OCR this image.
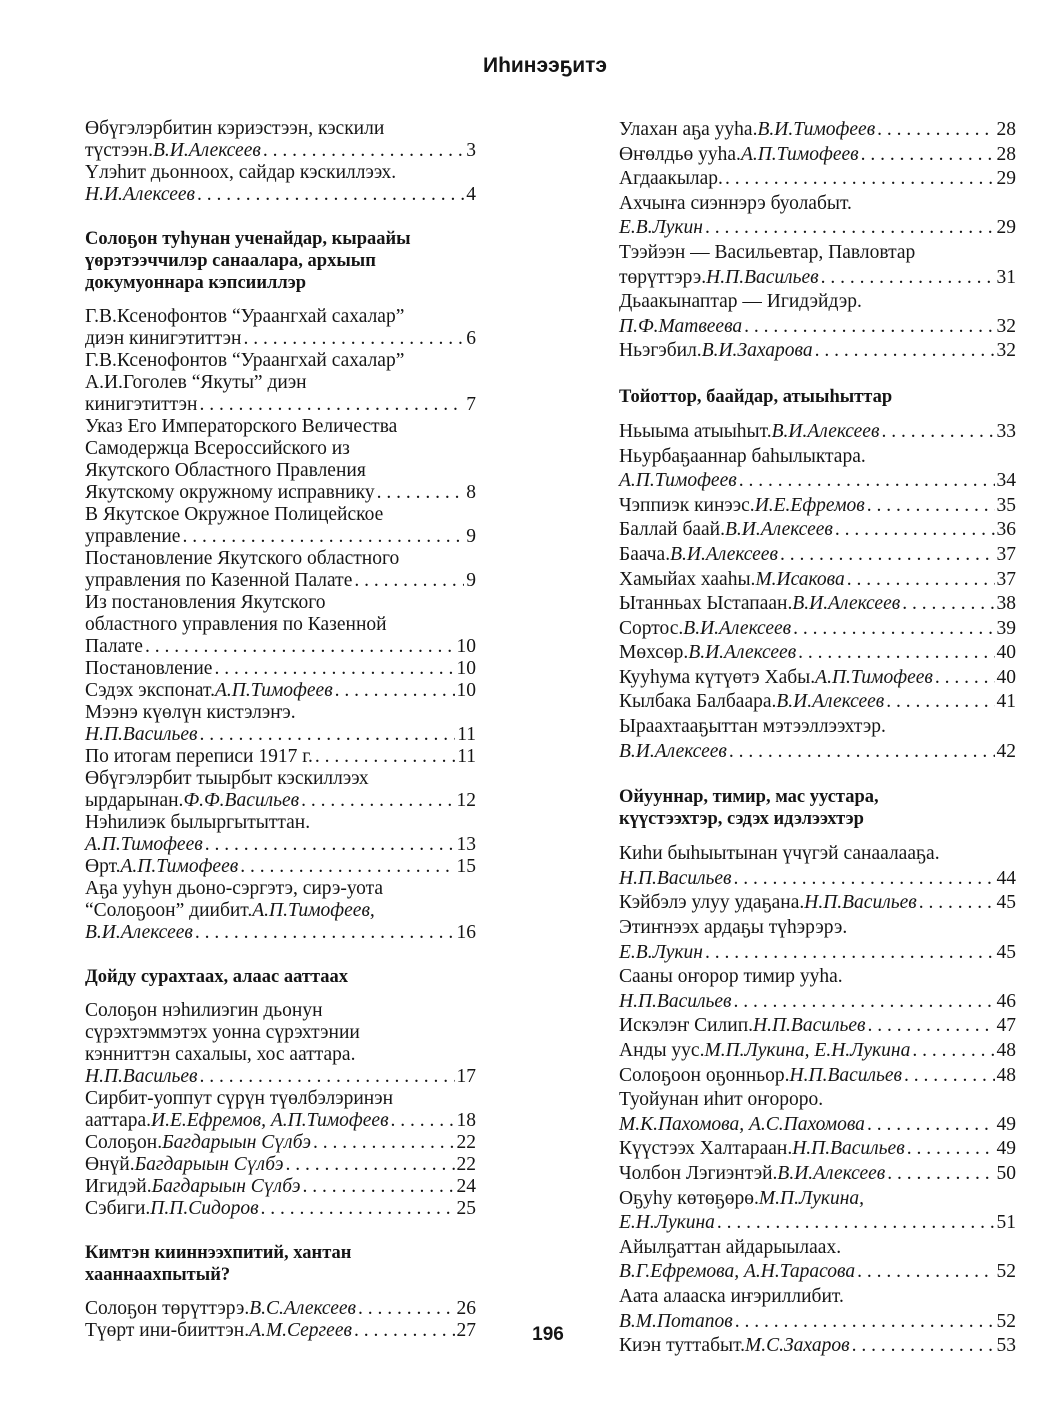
Иһинээҕитэ
Өбүгэлэрбитин кэриэстээн, кэскили
түстээн. В.И.Алексеев . . .	3
Үлэһит дьонноох, сайдар кэскиллээх.
Н.И.Алексеев . . .	4
Солоҕон туһунан ученайдар, кыраайы
үөрэтээччилэр санаалара, архыып
докумуоннара кэпсииллэр
Г.В.Ксенофонтов “Ураангхай сахалар”
диэн кинигэтиттэн . . .	6
Г.В.Ксенофонтов “Ураангхай сахалар”
А.И.Гоголев “Якуты” диэн
кинигэтиттэн . . .	7
Указ Его Императорского Величества
Самодержца Всероссийского из
Якутского Областного Правления
Якутскому окружному исправнику . . .	8
В Якутское Окружное Полицейское
управление . . .	9
Постановление Якутского областного
управления по Казенной Палате . . .	9
Из постановления Якутского
областного управления по Казенной
Палате . . .	10
Постановление . . .	10
Сэдэх экспонат. А.П.Тимофеев . . .	10
Мээнэ күөлүн кистэлэҥэ.
Н.П.Васильев . . .	11
По итогам переписи 1917 г. . . .	11
Өбүгэлэрбит тыырбыт кэскиллээх
ырдарынан. Ф.Ф.Васильев . . .	12
Нэһилиэк былыргытыттан.
А.П.Тимофеев . . .	13
Өрт. А.П.Тимофеев . . .	15
Аҕа ууһун дьоно-сэргэтэ, сирэ-уота
“Солоҕоон” диибит. А.П.Тимофеев,
В.И.Алексеев . . .	16
Дойду сурахтаах, алаас ааттаах
Солоҕон нэһилиэгин дьонун
сүрэхтэммэтэх уонна сүрэхтэнии
кэнниттэн сахалыы, хос ааттара.
Н.П.Васильев . . .	17
Сирбит-уоппут сүрүн түөлбэлэринэн
ааттара. И.Е.Ефремов, А.П.Тимофеев . . .	18
Солоҕон. Багдарыын Сүлбэ . . .	22
Өнүй. Багдарыын Сүлбэ . . .	22
Игидэй. Багдарыын Сүлбэ . . .	24
Сэбиги. П.П.Сидоров . . .	25
Кимтэн кииннээхпитий, хантан
хааннаахпытый?
Солоҕон төрүттэрэ. В.С.Алексеев . . .	26
Түөрт ини-бииттэн. А.М.Сергеев . . .	27
Улахан аҕа ууһа. В.И.Тимофеев . . .	28
Өҥөлдьө ууһа. А.П.Тимофеев . . .	28
Агдаакылар. . . .	29
Ахчыҥа сиэннэрэ буолабыт.
Е.В.Лукин . . .	29
Тээйээн — Васильевтар, Павловтар
төрүттэрэ. Н.П.Васильев . . .	31
Дьаакынаптар — Игидэйдэр.
П.Ф.Матвеева . . .	32
Ньэгэбил. В.И.Захарова . . .	32
Тойоттор, баайдар, атыыһыттар
Ньыыма атыыһыт. В.И.Алексеев . . .	33
Ньурбаҕааннар баһылыктара.
А.П.Тимофеев . . .	34
Чэппиэк кинээс. И.Е.Ефремов . . .	35
Баллай баай. В.И.Алексеев . . .	36
Баача. В.И.Алексеев . . .	37
Хамыйах хааһы. М.Исакова . . .	37
Ытанньах Ыстапаан. В.И.Алексеев . . .	38
Сортос. В.И.Алексеев . . .	39
Мөхсөр. В.И.Алексеев . . .	40
Кууһума күтүөтэ Хабы. А.П.Тимофеев . . .	40
Кылбака Балбаара. В.И.Алексеев . . .	41
Ыраахтааҕыттан мэтээллээхтэр.
В.И.Алексеев . . .	42
Ойууннар, тимир, мас уустара,
күүстээхтэр, сэдэх идэлээхтэр
Киһи быһыытынан үчүгэй санаалааҕа.
Н.П.Васильев . . .	44
Кэйбэлэ улуу удаҕана. Н.П.Васильев . . .	45
Этиҥнээх ардаҕы түһэрэрэ.
Е.В.Лукин . . .	45
Сааны оҥорор тимир ууһа.
Н.П.Васильев . . .	46
Искэлэҥ Силип. Н.П.Васильев . . .	47
Анды уус. М.П.Лукина, Е.Н.Лукина . . .	48
Солоҕоон оҕонньор. Н.П.Васильев . . .	48
Туойунан иһит оҥороро.
М.К.Пахомова, А.С.Пахомова . . .	49
Күүстээх Халтараан. Н.П.Васильев . . .	49
Чолбон Лэгиэнтэй. В.И.Алексеев . . .	50
Оҕуһу көтөҕөрө. М.П.Лукина,
Е.Н.Лукина . . .	51
Айылҕаттан айдарыылаах.
В.Г.Ефремова, А.Н.Тарасова . . .	52
Аата алааска иҥэриллибит.
В.М.Потапов . . .	52
Киэн туттабыт. М.С.Захаров . . .	53
196
